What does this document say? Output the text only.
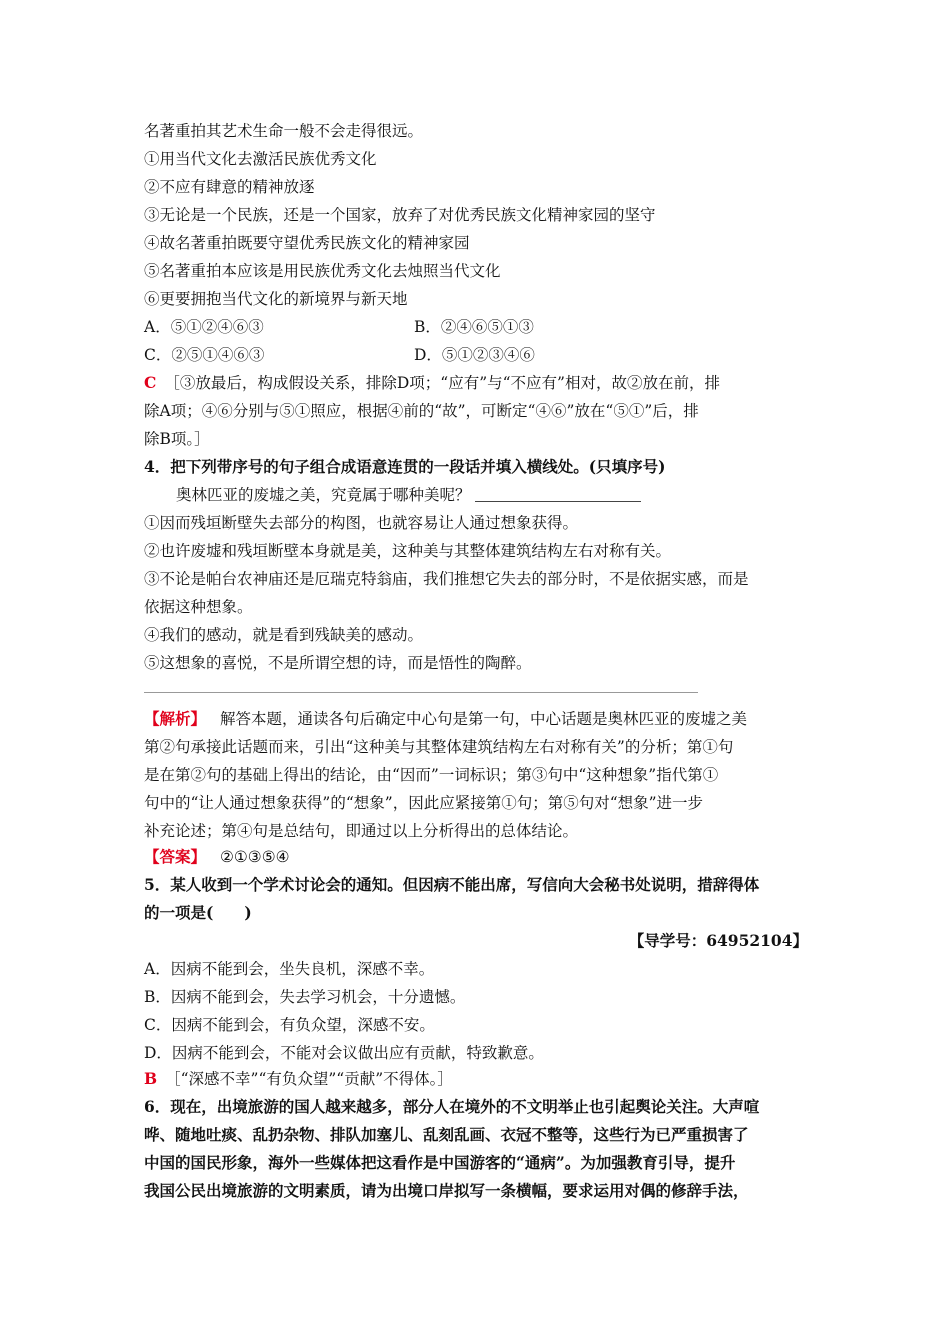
名著重拍其艺术生命一般不会走得很远。
①用当代文化去激活民族优秀文化
②不应有肆意的精神放逐
③无论是一个民族，还是一个国家，放弃了对优秀民族文化精神家园的坚守
④故名著重拍既要守望优秀民族文化的精神家园
⑤名著重拍本应该是用民族优秀文化去烛照当代文化
⑥更要拥抱当代文化的新境界与新天地
A．⑤①②④⑥③	B．②④⑥⑤①③
C．②⑤①④⑥③	D．⑤①②③④⑥
C ［③放最后，构成假设关系，排除D项；“应有”与“不应有”相对，故②放在前，排
除A项；④⑥分别与⑤①照应，根据④前的“故”，可断定“④⑥”放在“⑤①”后，排
除B项。］
4．把下列带序号的句子组合成语意连贯的一段话并填入横线处。(只填序号)
奥林匹亚的废墟之美，究竟属于哪种美呢？
①因而残垣断壁失去部分的构图，也就容易让人通过想象获得。
②也许废墟和残垣断壁本身就是美，这种美与其整体建筑结构左右对称有关。
③不论是帕台农神庙还是厄瑞克特翁庙，我们推想它失去的部分时，不是依据实感，而是
依据这种想象。
④我们的感动，就是看到残缺美的感动。
⑤这想象的喜悦，不是所谓空想的诗，而是悟性的陶醉。
【解析】 解答本题，通读各句后确定中心句是第一句，中心话题是奥林匹亚的废墟之美
第②句承接此话题而来，引出“这种美与其整体建筑结构左右对称有关”的分析；第①句
是在第②句的基础上得出的结论，由“因而”一词标识；第③句中“这种想象”指代第①
句中的“让人通过想象获得”的“想象”，因此应紧接第①句；第⑤句对“想象”进一步
补充论述；第④句是总结句，即通过以上分析得出的总体结论。
【答案】 ②①③⑤④
5．某人收到一个学术讨论会的通知。但因病不能出席，写信向大会秘书处说明，措辞得体
的一项是(　　)
【导学号：64952104】
A．因病不能到会，坐失良机，深感不幸。
B．因病不能到会，失去学习机会，十分遗憾。
C．因病不能到会，有负众望，深感不安。
D．因病不能到会，不能对会议做出应有贡献，特致歉意。
B ［“深感不幸”“有负众望”“贡献”不得体。］
6．现在，出境旅游的国人越来越多，部分人在境外的不文明举止也引起舆论关注。大声喧
哗、随地吐痰、乱扔杂物、排队加塞儿、乱刻乱画、衣冠不整等，这些行为已严重损害了
中国的国民形象，海外一些媒体把这看作是中国游客的“通病”。为加强教育引导，提升
我国公民出境旅游的文明素质，请为出境口岸拟写一条横幅，要求运用对偶的修辞手法，
